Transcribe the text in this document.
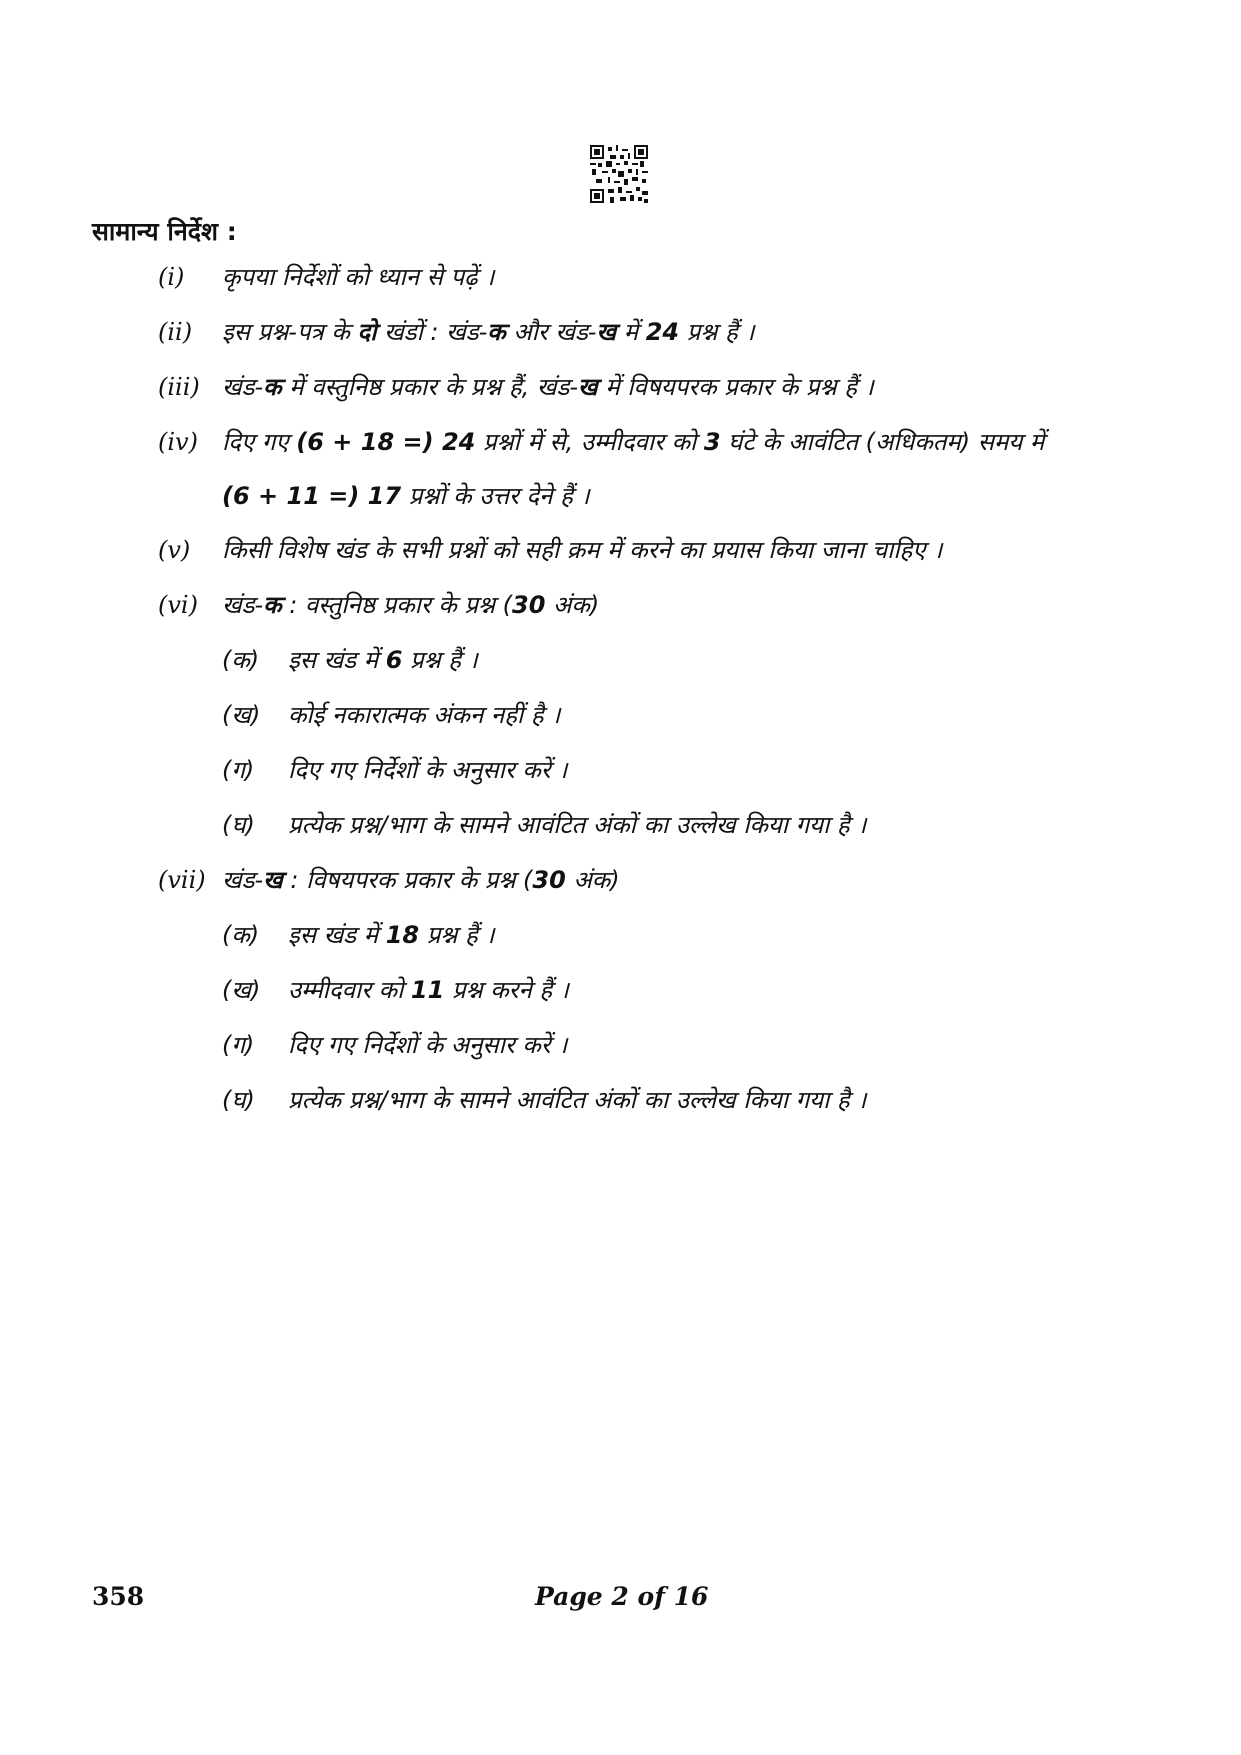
सामान्य निर्देश :
(i) कृपया निर्देशों को ध्यान से पढ़ें ।
(ii) इस प्रश्न-पत्र के दो खंडों : खंड-क और खंड-ख में 24 प्रश्न हैं ।
(iii) खंड-क में वस्तुनिष्ठ प्रकार के प्रश्न हैं, खंड-ख में विषयपरक प्रकार के प्रश्न हैं ।
(iv) दिए गए (6 + 18 =) 24 प्रश्नों में से, उम्मीदवार को 3 घंटे के आवंटित (अधिकतम) समय में
(6 + 11 =) 17 प्रश्नों के उत्तर देने हैं ।
(v) किसी विशेष खंड के सभी प्रश्नों को सही क्रम में करने का प्रयास किया जाना चाहिए ।
(vi) खंड-क : वस्तुनिष्ठ प्रकार के प्रश्न (30 अंक)
(क) इस खंड में 6 प्रश्न हैं ।
(ख) कोई नकारात्मक अंकन नहीं है ।
(ग) दिए गए निर्देशों के अनुसार करें ।
(घ) प्रत्येक प्रश्न/भाग के सामने आवंटित अंकों का उल्लेख किया गया है ।
(vii) खंड-ख : विषयपरक प्रकार के प्रश्न (30 अंक)
(क) इस खंड में 18 प्रश्न हैं ।
(ख) उम्मीदवार को 11 प्रश्न करने हैं ।
(ग) दिए गए निर्देशों के अनुसार करें ।
(घ) प्रत्येक प्रश्न/भाग के सामने आवंटित अंकों का उल्लेख किया गया है ।
358	Page 2 of 16
